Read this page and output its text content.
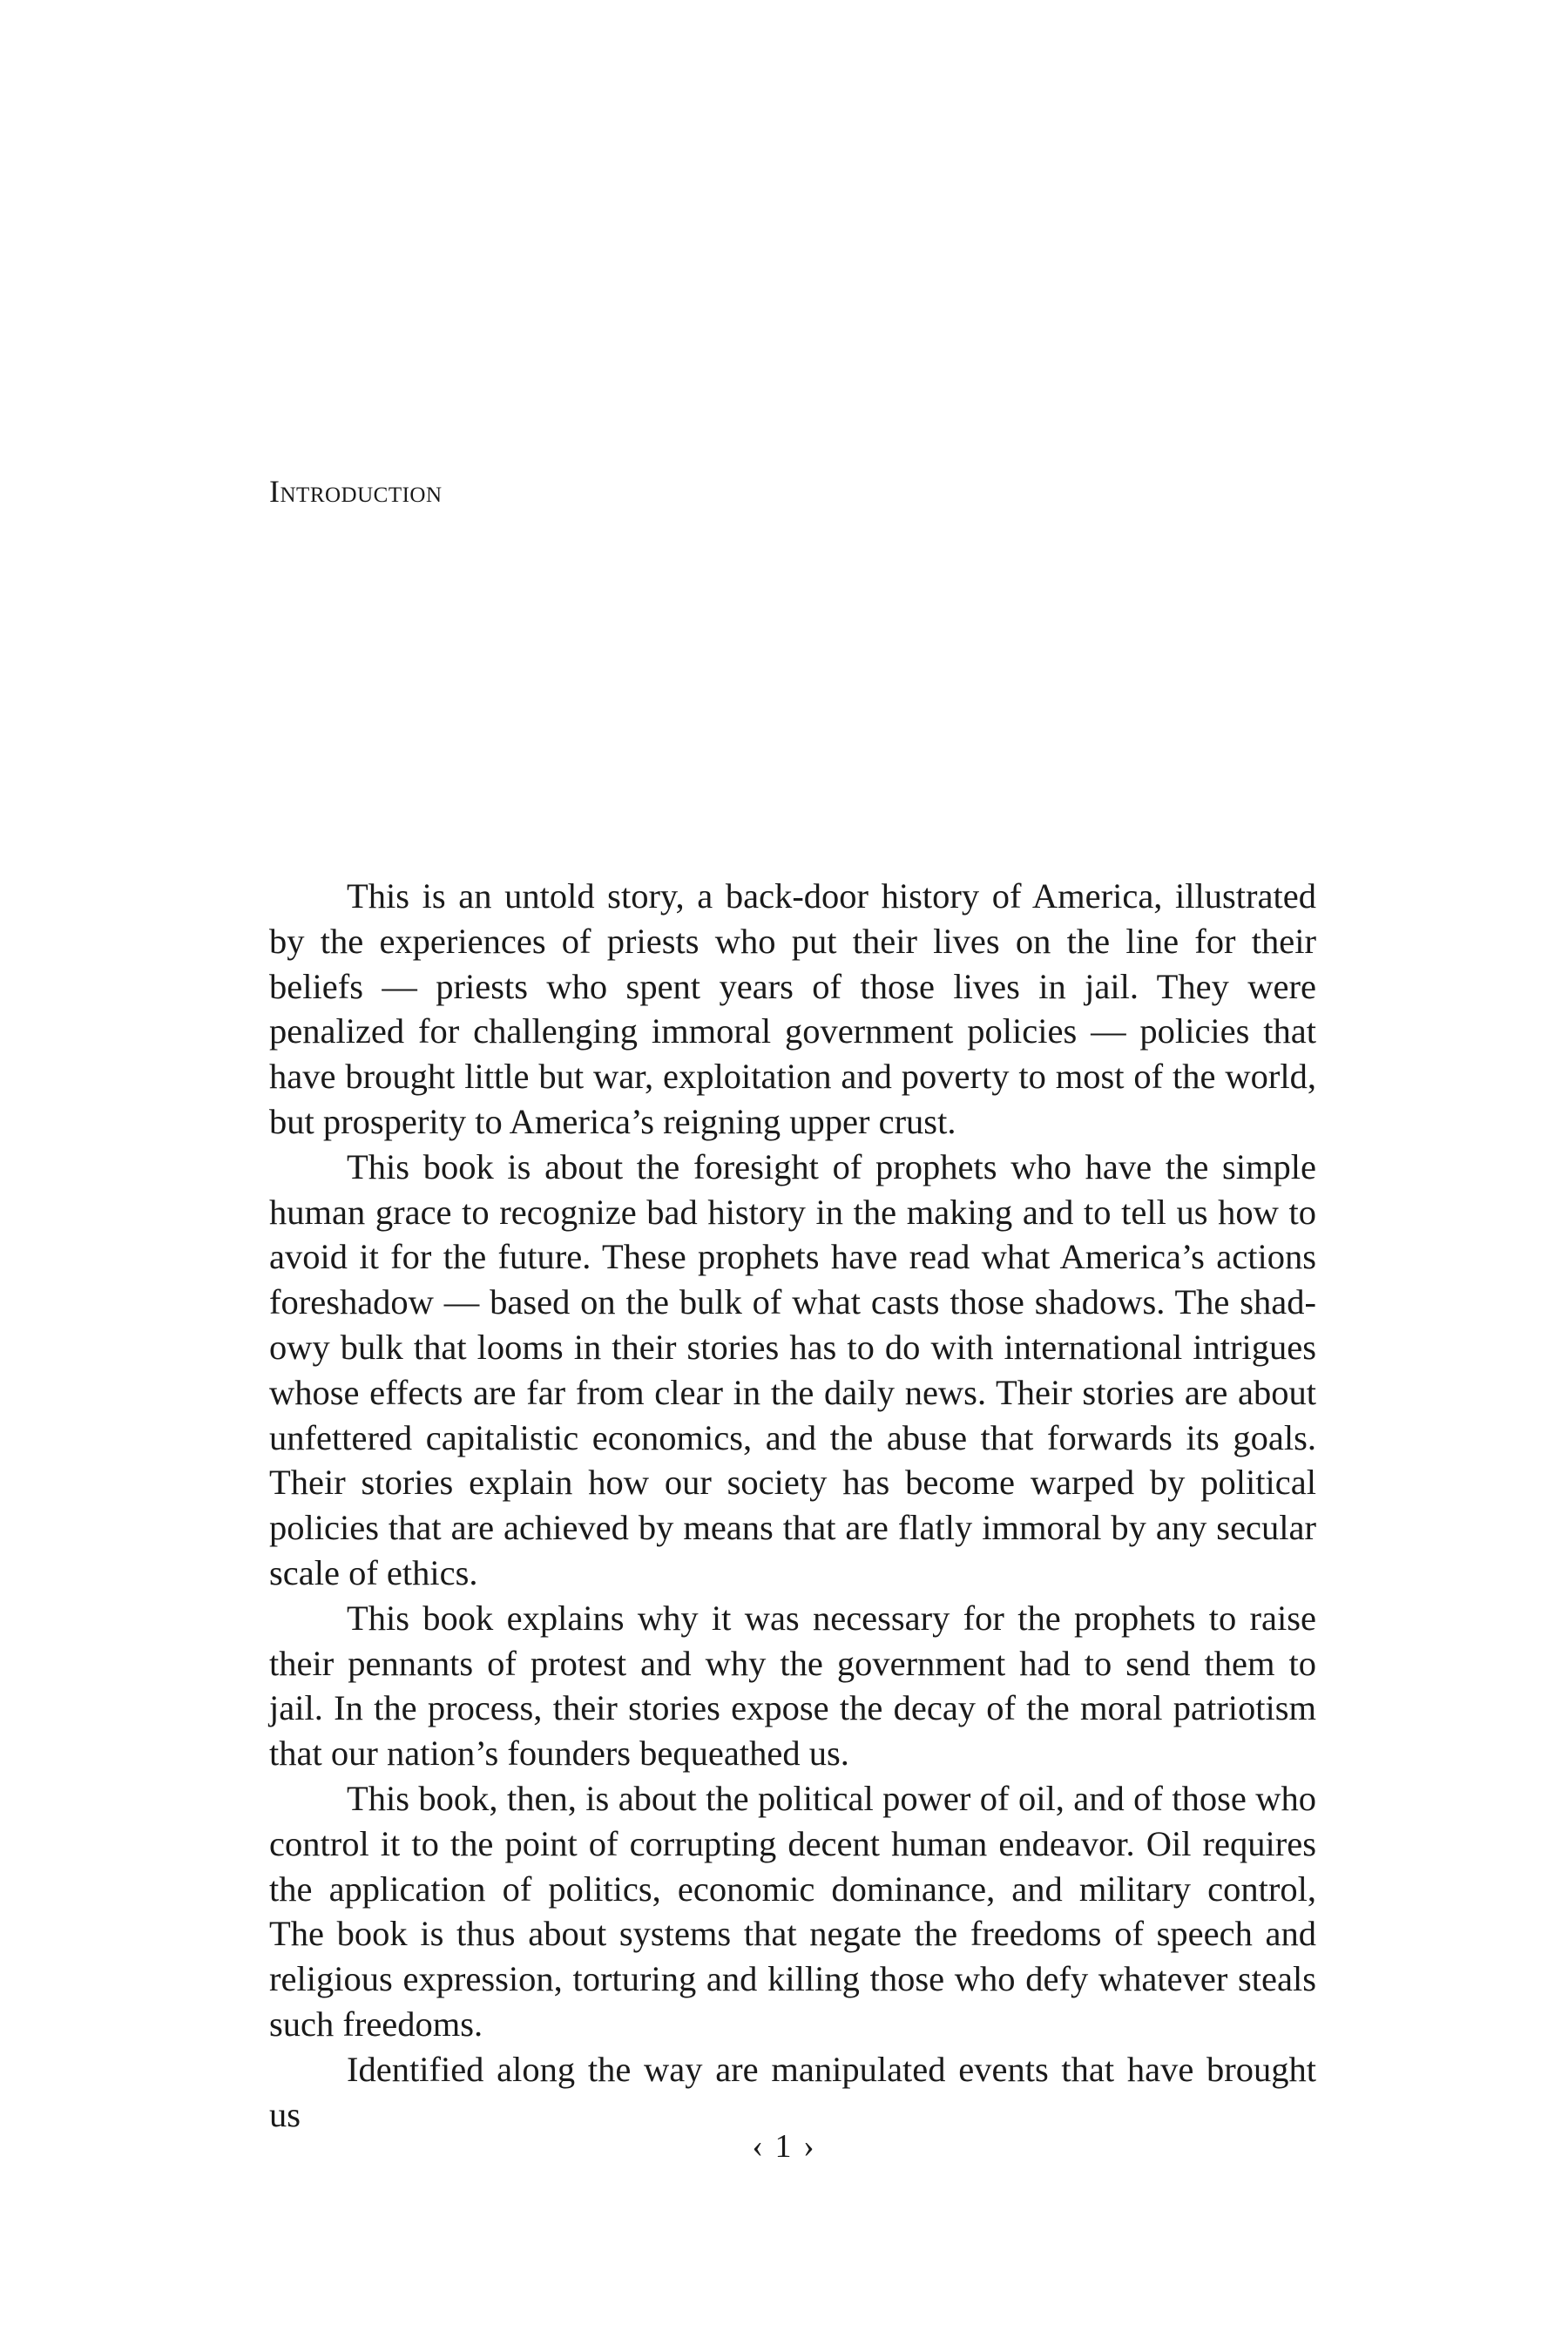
Introduction

This is an untold story, a back-door history of America, illustrated by the experiences of priests who put their lives on the line for their beliefs — priests who spent years of those lives in jail. They were penalized for challenging immoral government policies — policies that have brought little but war, exploitation and poverty to most of the world, but prosperity to America’s reigning upper crust.

This book is about the foresight of prophets who have the simple human grace to recognize bad history in the making and to tell us how to avoid it for the future. These prophets have read what America’s actions foreshadow — based on the bulk of what casts those shadows. The shadowy bulk that looms in their stories has to do with international intrigues whose effects are far from clear in the daily news. Their stories are about unfettered capitalistic economics, and the abuse that forwards its goals. Their stories explain how our society has become warped by political policies that are achieved by means that are flatly immoral by any secular scale of ethics.

This book explains why it was necessary for the prophets to raise their pennants of protest and why the government had to send them to jail. In the process, their stories expose the decay of the moral patriotism that our nation’s founders bequeathed us.

This book, then, is about the political power of oil, and of those who control it to the point of corrupting decent human endeavor. Oil requires the application of politics, economic dominance, and military control, The book is thus about systems that negate the freedoms of speech and religious expression, torturing and killing those who defy whatever steals such freedoms.

Identified along the way are manipulated events that have brought us

‹ 1 ›
